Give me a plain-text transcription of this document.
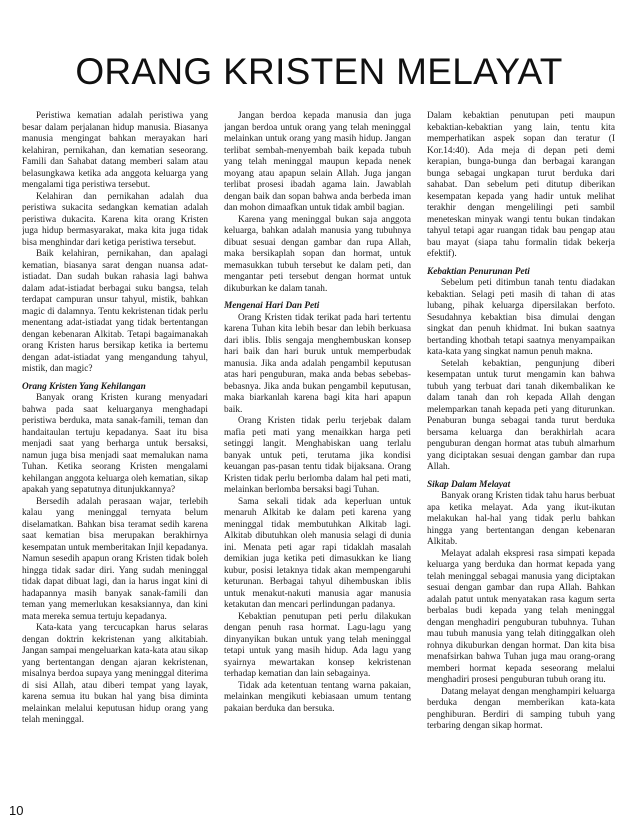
ORANG KRISTEN MELAYAT

Peristiwa kematian adalah peristiwa yang besar dalam perjalanan hidup manusia. Biasanya manusia mengingat bahkan merayakan hari kelahiran, pernikahan, dan kematian seseorang. Famili dan Sahabat datang memberi salam atau belasungkawa ketika ada anggota keluarga yang mengalami tiga peristiwa tersebut.

Kelahiran dan pernikahan adalah dua peristiwa sukacita sedangkan kematian adalah peristiwa dukacita. Karena kita orang Kristen juga hidup bermasyarakat, maka kita juga tidak bisa menghindar dari ketiga peristiwa tersebut.

Baik kelahiran, pernikahan, dan apalagi kematian, biasanya sarat dengan nuansa adat-istiadat. Dan sudah bukan rahasia lagi bahwa dalam adat-istiadat berbagai suku bangsa, telah terdapat campuran unsur tahyul, mistik, bahkan magic di dalamnya. Tentu kekristenan tidak perlu menentang adat-istiadat yang tidak bertentangan dengan kebenaran Alkitab. Tetapi bagaimanakah orang Kristen harus bersikap ketika ia bertemu dengan adat-istiadat yang mengandung tahyul, mistik, dan magic?

Orang Kristen Yang Kehilangan

Banyak orang Kristen kurang menyadari bahwa pada saat keluarganya menghadapi peristiwa berduka, mata sanak-famili, teman dan handaitaulan tertuju kepadanya. Saat itu bisa menjadi saat yang berharga untuk bersaksi, namun juga bisa menjadi saat memalukan nama Tuhan. Ketika seorang Kristen mengalami kehilangan anggota keluarga oleh kematian, sikap apakah yang sepatutnya ditunjukkannya?

Bersedih adalah perasaan wajar, terlebih kalau yang meninggal ternyata belum diselamatkan. Bahkan bisa teramat sedih karena saat kematian bisa merupakan berakhirnya kesempatan untuk memberitakan Injil kepadanya. Namun sesedih apapun orang Kristen tidak boleh hingga tidak sadar diri. Yang sudah meninggal tidak dapat dibuat lagi, dan ia harus ingat kini di hadapannya masih banyak sanak-famili dan teman yang memerlukan kesaksiannya, dan kini mata mereka semua tertuju kepadanya.

Kata-kata yang tercucapkan harus selaras dengan doktrin kekristenan yang alkitabiah. Jangan sampai mengeluarkan kata-kata atau sikap yang bertentangan dengan ajaran kekristenan, misalnya berdoa supaya yang meninggal diterima di sisi Allah, atau diberi tempat yang layak, karena semua itu bukan hal yang bisa diminta melainkan melalui keputusan hidup orang yang telah meninggal.

Jangan berdoa kepada manusia dan juga jangan berdoa untuk orang yang telah meninggal melainkan untuk orang yang masih hidup. Jangan terlibat sembah-menyembah baik kepada tubuh yang telah meninggal maupun kepada nenek moyang atau apapun selain Allah. Juga jangan terlibat prosesi ibadah agama lain. Jawablah dengan baik dan sopan bahwa anda berbeda iman dan mohon dimaafkan untuk tidak ambil bagian.

Karena yang meninggal bukan saja anggota keluarga, bahkan adalah manusia yang tubuhnya dibuat sesuai dengan gambar dan rupa Allah, maka bersikaplah sopan dan hormat, untuk memasukkan tubuh tersebut ke dalam peti, dan mengantar peti tersebut dengan hormat untuk dikuburkan ke dalam tanah.

Mengenai Hari Dan Peti

Orang Kristen tidak terikat pada hari tertentu karena Tuhan kita lebih besar dan lebih berkuasa dari iblis. Iblis sengaja menghembuskan konsep hari baik dan hari buruk untuk memperbudak manusia. Jika anda adalah pengambil keputusan atas hari penguburan, maka anda bebas sebebas-bebasnya. Jika anda bukan pengambil keputusan, maka biarkanlah karena bagi kita hari apapun baik.

Orang Kristen tidak perlu terjebak dalam mafia peti mati yang menaikkan harga peti setinggi langit. Menghabiskan uang terlalu banyak untuk peti, terutama jika kondisi keuangan pas-pasan tentu tidak bijaksana. Orang Kristen tidak perlu berlomba dalam hal peti mati, melainkan berlomba bersaksi bagi Tuhan.

Sama sekali tidak ada keperluan untuk menaruh Alkitab ke dalam peti karena yang meninggal tidak membutuhkan Alkitab lagi. Alkitab dibutuhkan oleh manusia selagi di dunia ini. Menata peti agar rapi tidaklah masalah demikian juga ketika peti dimasukkan ke liang kubur, posisi letaknya tidak akan mempengaruhi keturunan. Berbagai tahyul dihembuskan iblis untuk menakut-nakuti manusia agar manusia ketakutan dan mencari perlindungan padanya.

Kebaktian penutupan peti perlu dilakukan dengan penuh rasa hormat. Lagu-lagu yang dinyanyikan bukan untuk yang telah meninggal tetapi untuk yang masih hidup. Ada lagu yang syairnya mewartakan konsep kekristenan terhadap kematian dan lain sebagainya.

Tidak ada ketentuan tentang warna pakaian, melainkan mengikuti kebiasaan umum tentang pakaian berduka dan bersuka.

Dalam kebaktian penutupan peti maupun kebaktian-kebaktian yang lain, tentu kita memperhatikan aspek sopan dan teratur (I Kor.14:40). Ada meja di depan peti demi kerapian, bunga-bunga dan berbagai karangan bunga sebagai ungkapan turut berduka dari sahabat. Dan sebelum peti ditutup diberikan kesempatan kepada yang hadir untuk melihat terakhir dengan mengelilingi peti sambil meneteskan minyak wangi tentu bukan tindakan tahyul tetapi agar ruangan tidak bau pengap atau bau mayat (siapa tahu formalin tidak bekerja efektif).

Kebaktian Penurunan Peti

Sebelum peti ditimbun tanah tentu diadakan kebaktian. Selagi peti masih di tahan di atas lubang, pihak keluarga dipersilakan berfoto. Sesudahnya kebaktian bisa dimulai dengan singkat dan penuh khidmat. Ini bukan saatnya bertanding khotbah tetapi saatnya menyampaikan kata-kata yang singkat namun penuh makna.

Setelah kebaktian, pengunjung diberi kesempatan untuk turut mengamin kan bahwa tubuh yang terbuat dari tanah dikembalikan ke dalam tanah dan roh kepada Allah dengan melemparkan tanah kepada peti yang diturunkan. Penaburan bunga sebagai tanda turut berduka bersama keluarga dan berakhirlah acara penguburan dengan hormat atas tubuh almarhum yang diciptakan sesuai dengan gambar dan rupa Allah.

Sikap Dalam Melayat

Banyak orang Kristen tidak tahu harus berbuat apa ketika melayat. Ada yang ikut-ikutan melakukan hal-hal yang tidak perlu bahkan hingga yang bertentangan dengan kebenaran Alkitab.

Melayat adalah ekspresi rasa simpati kepada keluarga yang berduka dan hormat kepada yang telah meninggal sebagai manusia yang diciptakan sesuai dengan gambar dan rupa Allah. Bahkan adalah patut untuk menyatakan rasa kagum serta berbalas budi kepada yang telah meninggal dengan menghadiri penguburan tubuhnya. Tuhan mau tubuh manusia yang telah ditinggalkan oleh rohnya dikuburkan dengan hormat. Dan kita bisa menafsirkan bahwa Tuhan juga mau orang-orang memberi hormat kepada seseorang melalui menghadiri prosesi penguburan tubuh orang itu.

Datang melayat dengan menghampiri keluarga berduka dengan memberikan kata-kata penghiburan. Berdiri di samping tubuh yang terbaring dengan sikap hormat.

10
